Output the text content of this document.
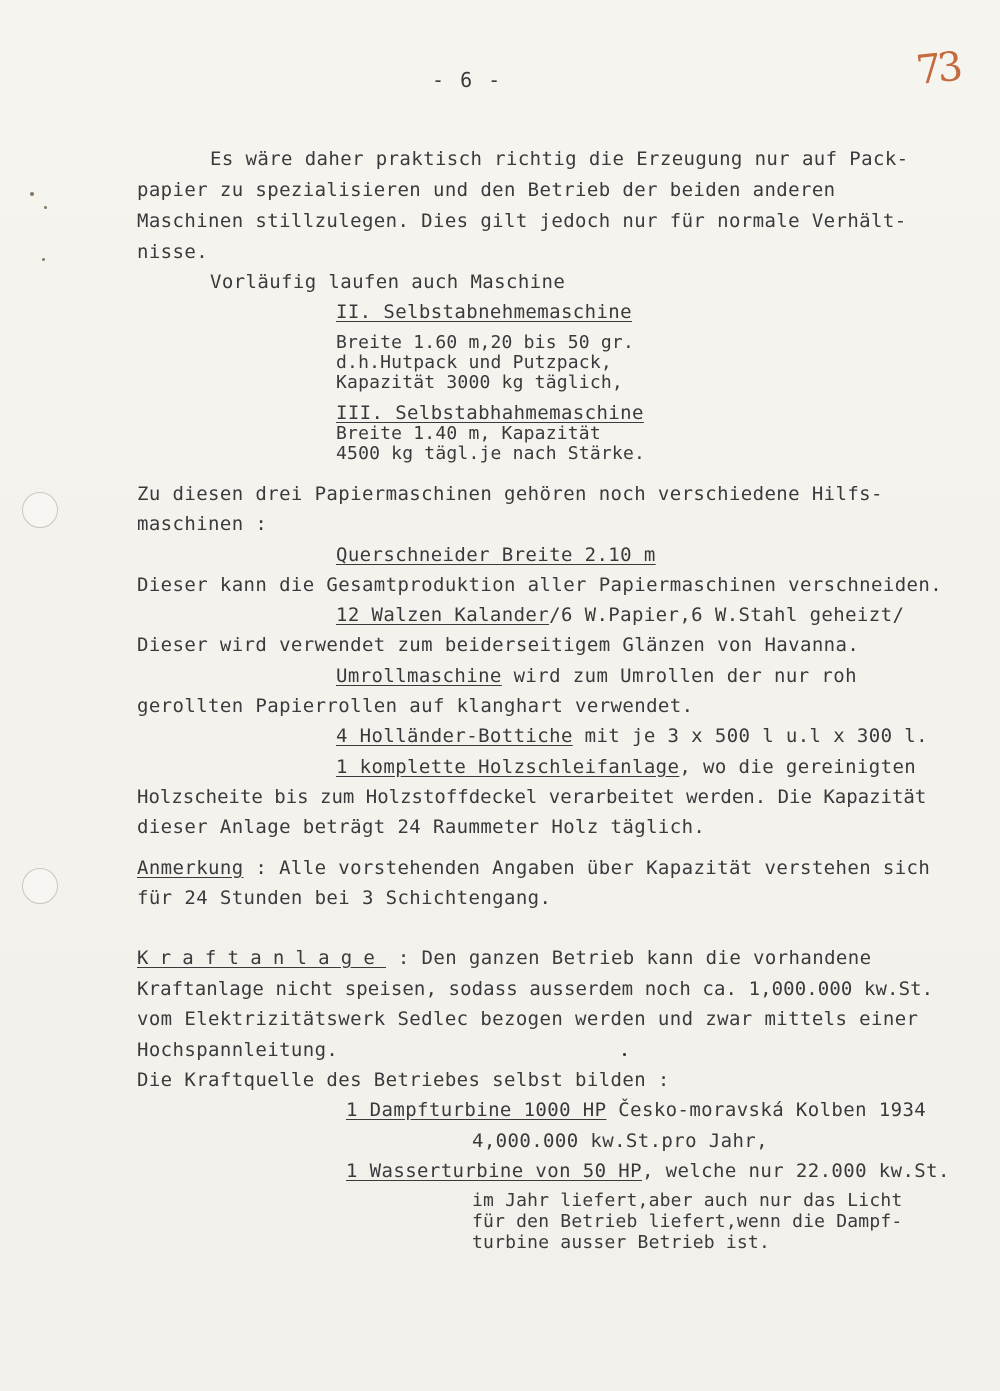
73
- 6 -
Es wäre daher praktisch richtig die Erzeugung nur auf Pack-
papier zu spezialisieren und den Betrieb der beiden anderen
Maschinen stillzulegen. Dies gilt jedoch nur für normale Verhält-
nisse.
Vorläufig laufen auch Maschine
II. Selbstabnehmemaschine
Breite 1.60 m,20 bis 50 gr.
d.h.Hutpack und Putzpack,
Kapazität 3000 kg täglich,
III. Selbstabhahmemaschine
Breite 1.40 m, Kapazität
4500 kg tägl.je nach Stärke.
Zu diesen drei Papiermaschinen gehören noch verschiedene Hilfs-
maschinen :
Querschneider Breite 2.10 m
Dieser kann die Gesamtproduktion aller Papiermaschinen verschneiden.
12 Walzen Kalander/6 W.Papier,6 W.Stahl geheizt/
Dieser wird verwendet zum beiderseitigem Glänzen von Havanna.
Umrollmaschine wird zum Umrollen der nur roh
gerollten Papierrollen auf klanghart verwendet.
4 Holländer-Bottiche mit je 3 x 500 l u.l x 300 l.
1 komplette Holzschleifanlage, wo die gereinigten
Holzscheite bis zum Holzstoffdeckel verarbeitet werden. Die Kapazität
dieser Anlage beträgt 24 Raummeter Holz täglich.
Anmerkung : Alle vorstehenden Angaben über Kapazität verstehen sich
für 24 Stunden bei 3 Schichtengang.
Kraftanlage : Den ganzen Betrieb kann die vorhandene
Kraftanlage nicht speisen, sodass ausserdem noch ca. 1,000.000 kw.St.
vom Elektrizitätswerk Sedlec bezogen werden und zwar mittels einer
Hochspannleitung.
Die Kraftquelle des Betriebes selbst bilden :
1 Dampfturbine 1000 HP Česko-moravská Kolben 1934
4,000.000 kw.St.pro Jahr,
1 Wasserturbine von 50 HP, welche nur 22.000 kw.St.
im Jahr liefert,aber auch nur das Licht
für den Betrieb liefert,wenn die Dampf-
turbine ausser Betrieb ist.
